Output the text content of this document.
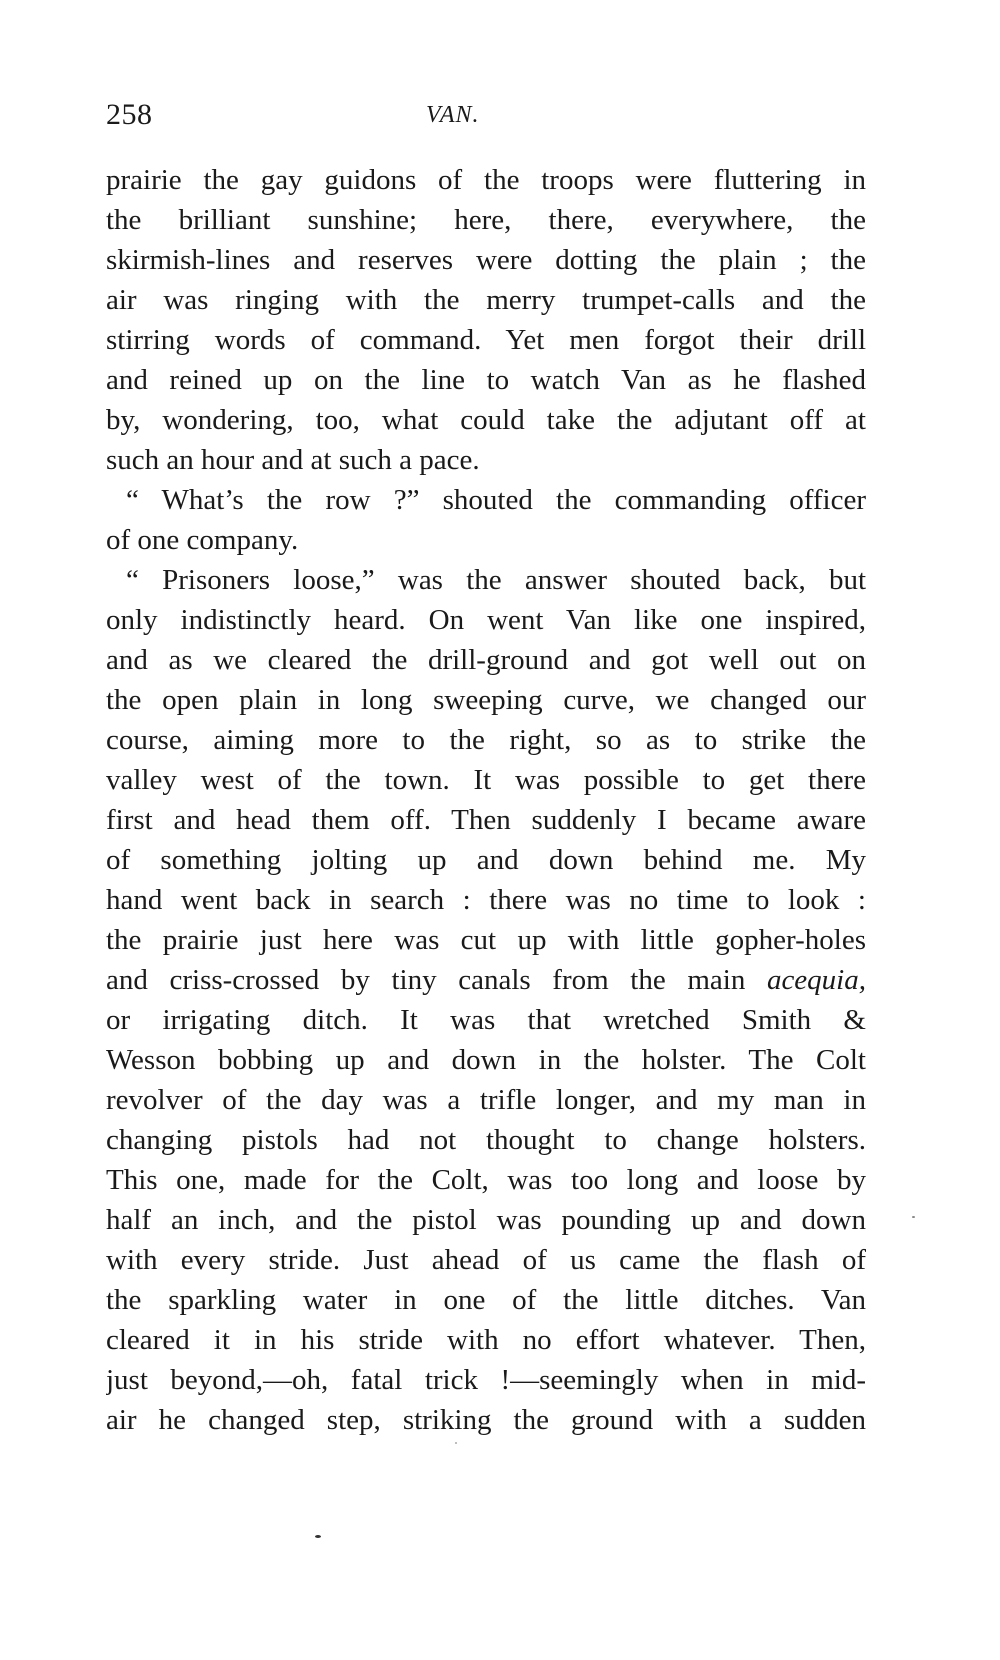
258	VAN.
prairie the gay guidons of the troops were fluttering in
the brilliant sunshine; here, there, everywhere, the
skirmish-lines and reserves were dotting the plain ; the
air was ringing with the merry trumpet-calls and the
stirring words of command. Yet men forgot their drill
and reined up on the line to watch Van as he flashed
by, wondering, too, what could take the adjutant off at
such an hour and at such a pace.
“ What’s the row ?” shouted the commanding officer
of one company.
“ Prisoners loose,” was the answer shouted back, but
only indistinctly heard. On went Van like one inspired,
and as we cleared the drill-ground and got well out on
the open plain in long sweeping curve, we changed our
course, aiming more to the right, so as to strike the
valley west of the town. It was possible to get there
first and head them off. Then suddenly I became aware
of something jolting up and down behind me. My
hand went back in search : there was no time to look :
the prairie just here was cut up with little gopher-holes
and criss-crossed by tiny canals from the main acequia,
or irrigating ditch. It was that wretched Smith &
Wesson bobbing up and down in the holster. The Colt
revolver of the day was a trifle longer, and my man in
changing pistols had not thought to change holsters.
This one, made for the Colt, was too long and loose by
half an inch, and the pistol was pounding up and down
with every stride. Just ahead of us came the flash of
the sparkling water in one of the little ditches. Van
cleared it in his stride with no effort whatever. Then,
just beyond,—oh, fatal trick !—seemingly when in mid-
air he changed step, striking the ground with a sudden
